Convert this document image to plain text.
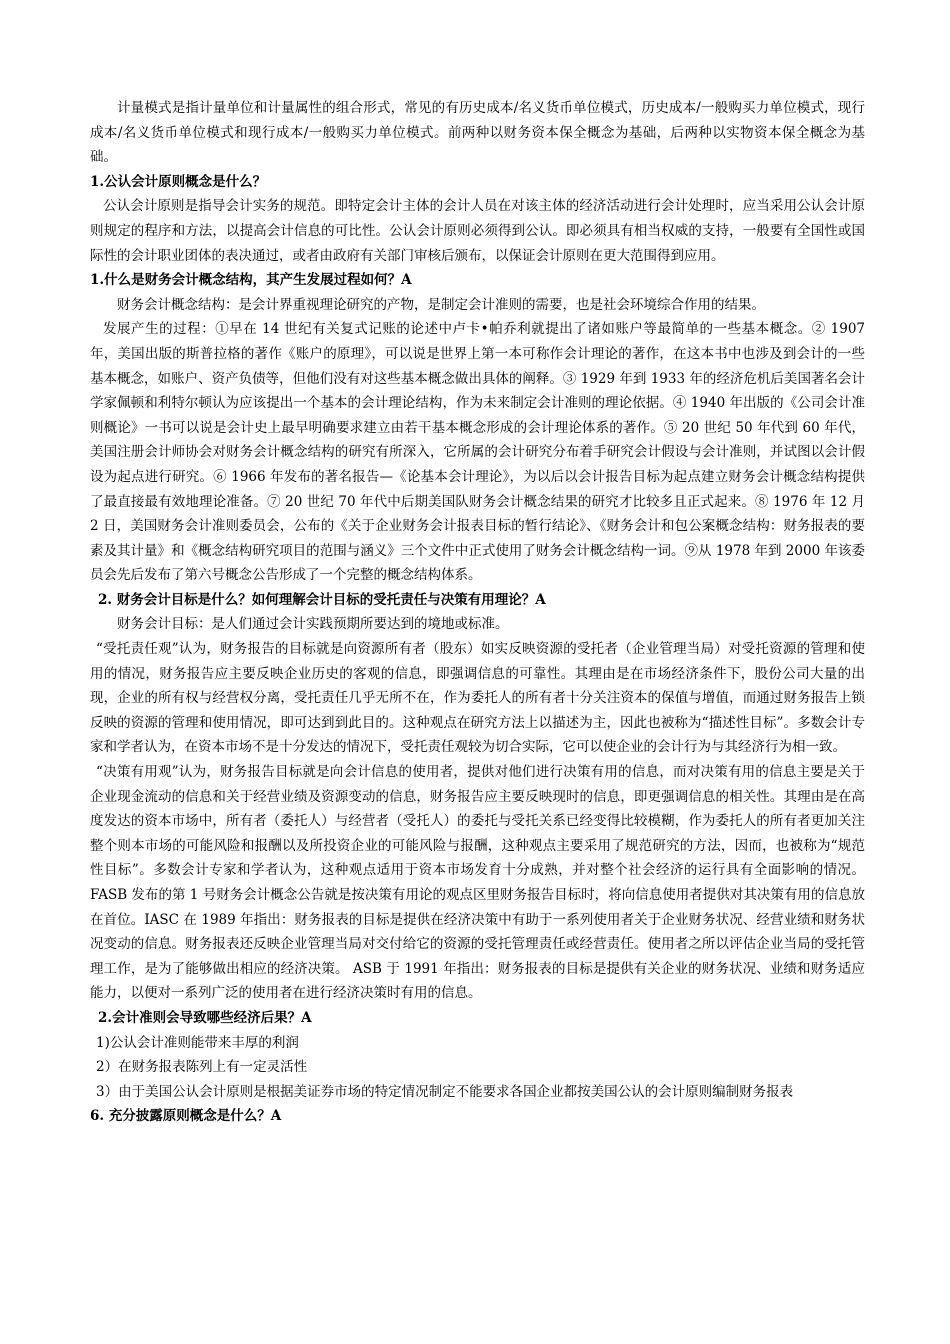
计量模式是指计量单位和计量属性的组合形式，常见的有历史成本/名义货币单位模式，历史成本/一般购买力单位模式，现行成本/名义货币单位模式和现行成本/一般购买力单位模式。前两种以财务资本保全概念为基础，后两种以实物资本保全概念为基础。

1.公认会计原则概念是什么？

公认会计原则是指导会计实务的规范。即特定会计主体的会计人员在对该主体的经济活动进行会计处理时，应当采用公认会计原则规定的程序和方法，以提高会计信息的可比性。公认会计原则必须得到公认。即必须具有相当权威的支持，一般要有全国性或国际性的会计职业团体的表决通过，或者由政府有关部门审核后颁布，以保证会计原则在更大范围得到应用。

1.什么是财务会计概念结构，其产生发展过程如何？A

财务会计概念结构：是会计界重视理论研究的产物，是制定会计准则的需要，也是社会环境综合作用的结果。

发展产生的过程：①早在 14 世纪有关复式记账的论述中卢卡•帕乔利就提出了诸如账户等最简单的一些基本概念。② 1907 年，美国出版的斯普拉格的著作《账户的原理》，可以说是世界上第一本可称作会计理论的著作，在这本书中也涉及到会计的一些基本概念，如账户、资产负债等，但他们没有对这些基本概念做出具体的阐释。③ 1929 年到 1933 年的经济危机后美国著名会计学家佩顿和利特尔顿认为应该提出一个基本的会计理论结构，作为未来制定会计准则的理论依据。④ 1940 年出版的《公司会计准则概论》一书可以说是会计史上最早明确要求建立由若干基本概念形成的会计理论体系的著作。⑤ 20 世纪 50 年代到 60 年代，美国注册会计师协会对财务会计概念结构的研究有所深入，它所属的会计研究分布着手研究会计假设与会计准则，并试图以会计假设为起点进行研究。⑥ 1966 年发布的著名报告—《论基本会计理论》，为以后以会计报告目标为起点建立财务会计概念结构提供了最直接最有效地理论准备。⑦ 20 世纪 70 年代中后期美国队财务会计概念结果的研究才比较多且正式起来。⑧ 1976 年 12 月 2 日，美国财务会计准则委员会，公布的《关于企业财务会计报表目标的暂行结论》、《财务会计和包公案概念结构：财务报表的要素及其计量》和《概念结构研究项目的范围与涵义》三个文件中正式使用了财务会计概念结构一词。⑨从 1978 年到 2000 年该委员会先后发布了第六号概念公告形成了一个完整的概念结构体系。

2. 财务会计目标是什么？如何理解会计目标的受托责任与决策有用理论？A

财务会计目标：是人们通过会计实践预期所要达到的境地或标准。

“受托责任观”认为，财务报告的目标就是向资源所有者（股东）如实反映资源的受托者（企业管理当局）对受托资源的管理和使用的情况，财务报告应主要反映企业历史的客观的信息，即强调信息的可靠性。其理由是在市场经济条件下，股份公司大量的出现，企业的所有权与经营权分离，受托责任几乎无所不在，作为委托人的所有者十分关注资本的保值与增值，而通过财务报告上锁反映的资源的管理和使用情况，即可达到到此目的。这种观点在研究方法上以描述为主，因此也被称为“描述性目标”。多数会计专家和学者认为，在资本市场不是十分发达的情况下，受托责任观较为切合实际，它可以使企业的会计行为与其经济行为相一致。

“决策有用观”认为，财务报告目标就是向会计信息的使用者，提供对他们进行决策有用的信息，而对决策有用的信息主要是关于企业现金流动的信息和关于经营业绩及资源变动的信息，财务报告应主要反映现时的信息，即更强调信息的相关性。其理由是在高度发达的资本市场中，所有者（委托人）与经营者（受托人）的委托与受托关系已经变得比较模糊，作为委托人的所有者更加关注整个则本市场的可能风险和报酬以及所投资企业的可能风险与报酬，这种观点主要采用了规范研究的方法，因而，也被称为“规范性目标”。多数会计专家和学者认为，这种观点适用于资本市场发育十分成熟，并对整个社会经济的运行具有全面影响的情况。FASB 发布的第 1 号财务会计概念公告就是按决策有用论的观点区里财务报告目标时，将向信息使用者提供对其决策有用的信息放在首位。IASC 在 1989 年指出：财务报表的目标是提供在经济决策中有助于一系列使用者关于企业财务状况、经营业绩和财务状况变动的信息。财务报表还反映企业管理当局对交付给它的资源的受托管理责任或经营责任。使用者之所以评估企业当局的受托管理工作，是为了能够做出相应的经济决策。 ASB 于 1991 年指出：财务报表的目标是提供有关企业的财务状况、业绩和财务适应能力，以便对一系列广泛的使用者在进行经济决策时有用的信息。

2.会计准则会导致哪些经济后果？A

1)公认会计准则能带来丰厚的利润

2）在财务报表陈列上有一定灵活性

3）由于美国公认会计原则是根据美证券市场的特定情况制定不能要求各国企业都按美国公认的会计原则编制财务报表

6. 充分披露原则概念是什么？A
